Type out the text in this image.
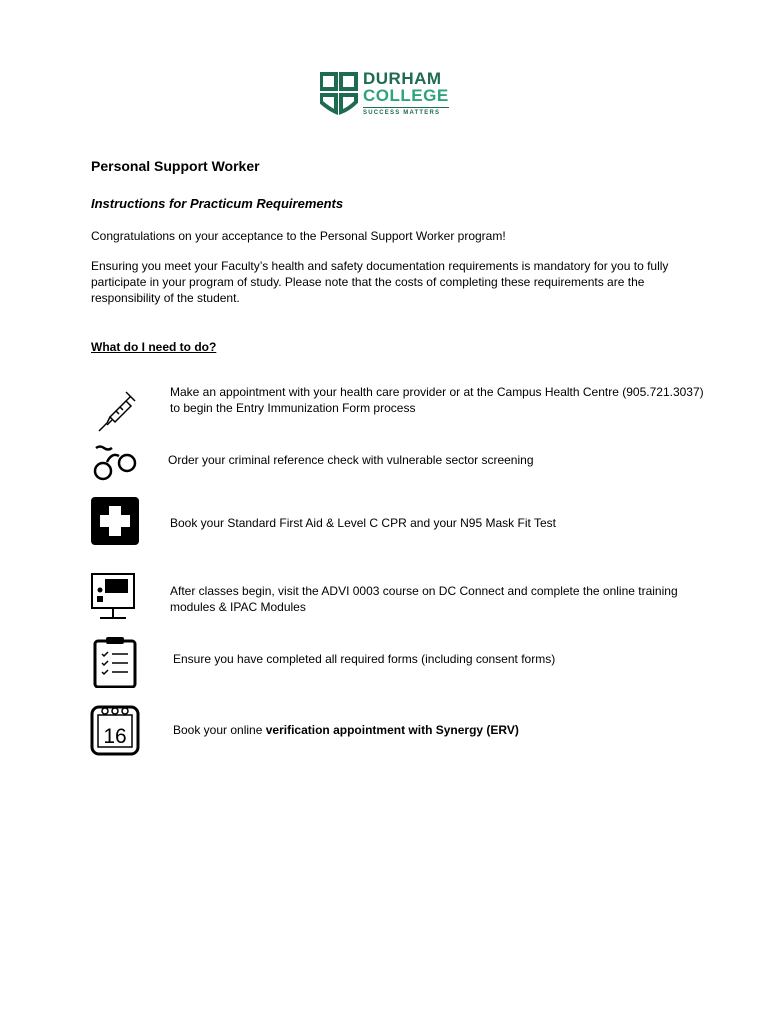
DURHAM
COLLEGE
SUCCESS MATTERS
Personal Support Worker
Instructions for Practicum Requirements
Congratulations on your acceptance to the Personal Support Worker program!
Ensuring you meet your Faculty’s health and safety documentation requirements is mandatory for you to fully participate in your program of study. Please note that the costs of completing these requirements are the responsibility of the student.
What do I need to do?
Make an appointment with your health care provider or at the Campus Health Centre (905.721.3037) to begin the Entry Immunization Form process
Order your criminal reference check with vulnerable sector screening
Book your Standard First Aid & Level C CPR and your N95 Mask Fit Test
After classes begin, visit the ADVI 0003 course on DC Connect and complete the online training modules & IPAC Modules
Ensure you have completed all required forms (including consent forms)
16	Book your online verification appointment with Synergy (ERV)
